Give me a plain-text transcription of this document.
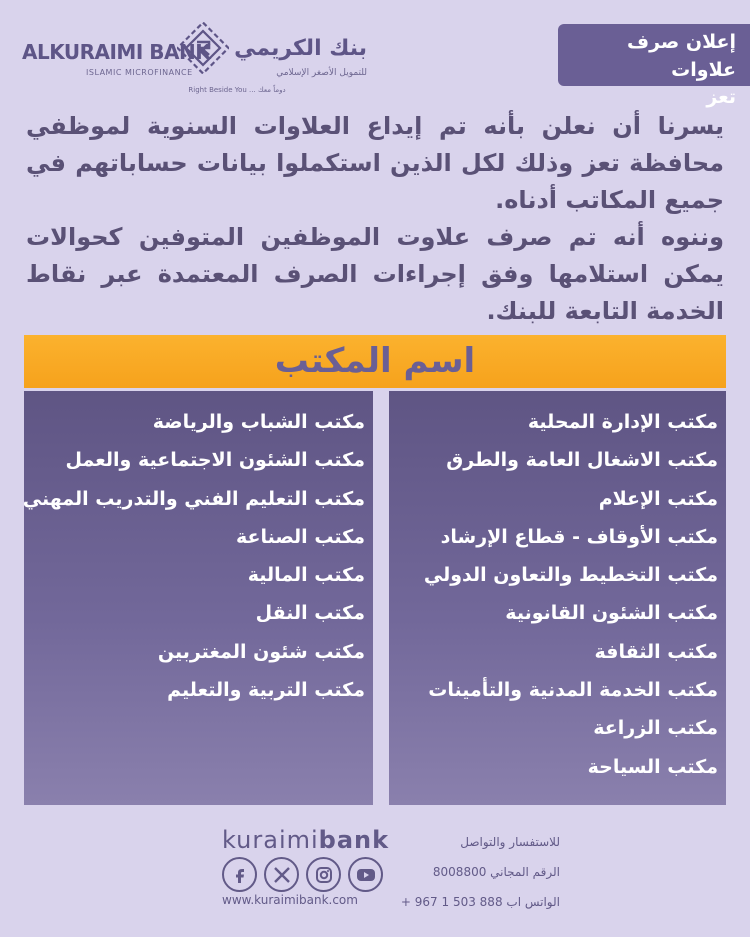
ALKURAIMI BANK
ISLAMIC MICROFINANCE
بنك الكريمي
للتمويل الأصغر الإسلامي
Right Beside You ... دوماً معك
إعلان صرف علاوات
تعز

يسرنا أن نعلن بأنه تم إيداع العلاوات السنوية لموظفي محافظة تعز وذلك لكل الذين استكملوا بيانات حساباتهم في جميع المكاتب أدناه.

وننوه أنه تم صرف علاوت الموظفين المتوفين كحوالات يمكن استلامها وفق إجراءات الصرف المعتمدة عبر نقاط الخدمة التابعة للبنك.

اسم المكتب
مكتب الإدارة المحلية
مكتب الاشغال العامة والطرق
مكتب الإعلام
مكتب الأوقاف - قطاع الإرشاد
مكتب التخطيط والتعاون الدولي
مكتب الشئون القانونية
مكتب الثقافة
مكتب الخدمة المدنية والتأمينات
مكتب الزراعة
مكتب السياحة
مكتب الشباب والرياضة
مكتب الشئون الاجتماعية والعمل
مكتب التعليم الفني والتدريب المهني
مكتب الصناعة
مكتب المالية
مكتب النقل
مكتب شئون المغتربين
مكتب التربية والتعليم
kuraimibank
www.kuraimibank.com
للاستفسار والتواصل
الرقم المجاني 8008800
الواتس اب 888 503 1 967 +
